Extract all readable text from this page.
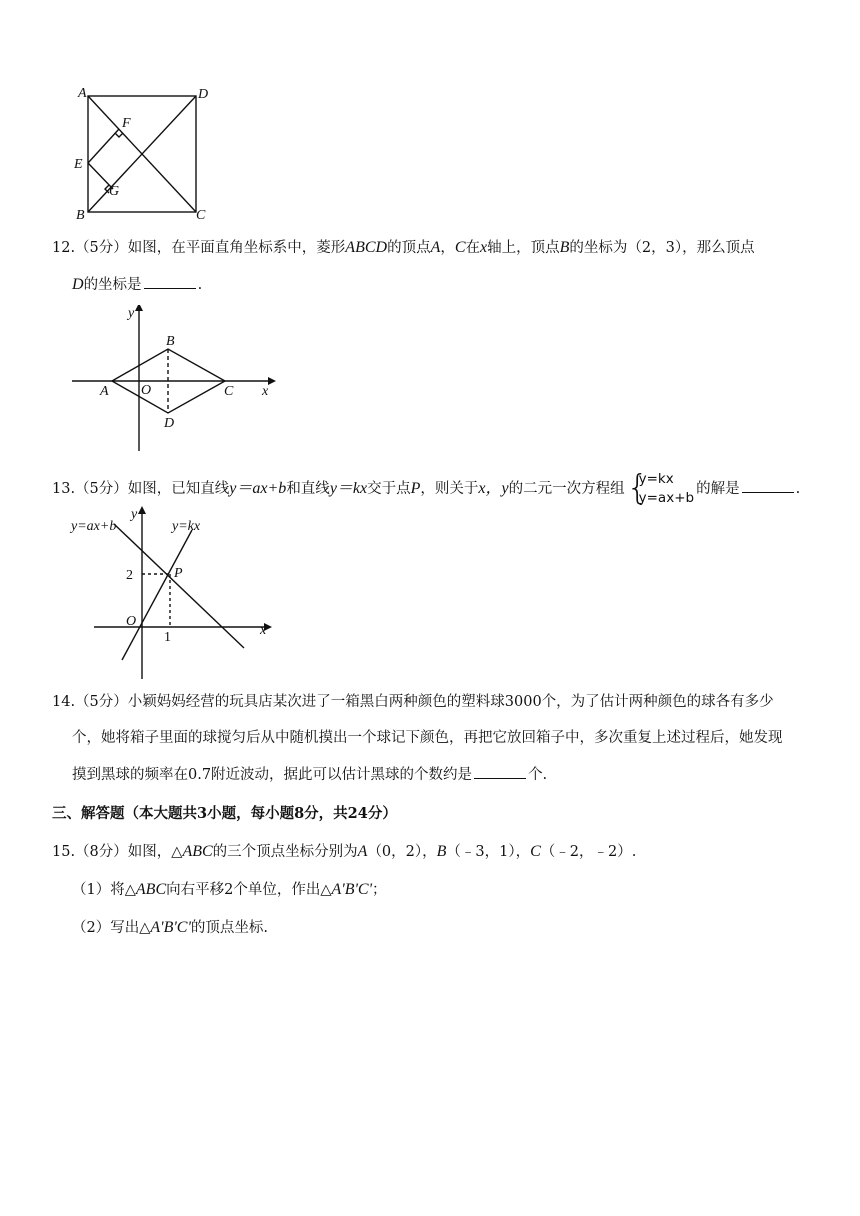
A	D
F
E
G
B	C
12.（5分）如图，在平面直角坐标系中，菱形ABCD的顶点A，C在x轴上，顶点B的坐标为（2，3），那么顶点
D的坐标是	.
y
B
A O	C x
D
13.（5分）如图，已知直线y＝ax+b和直线y＝kx交于点P，则关于x，y的二元一次方程组 {
y=kx
y=ax+b的解是	.
y=ax+b
y
y=kx
2	P
O
1	x
14.（5分）小颖妈妈经营的玩具店某次进了一箱黑白两种颜色的塑料球3000个，为了估计两种颜色的球各有多少
个，她将箱子里面的球搅匀后从中随机摸出一个球记下颜色，再把它放回箱子中，多次重复上述过程后，她发现
摸到黑球的频率在0.7附近波动，据此可以估计黑球的个数约是	个.
三、解答题（本大题共3小题，每小题8分，共24分）
15.（8分）如图，△ABC的三个顶点坐标分别为A（0，2），B（﹣3，1），C（﹣2，﹣2）.
（1）将△ABC向右平移2个单位，作出△A'B'C'；
（2）写出△A'B'C'的顶点坐标.
